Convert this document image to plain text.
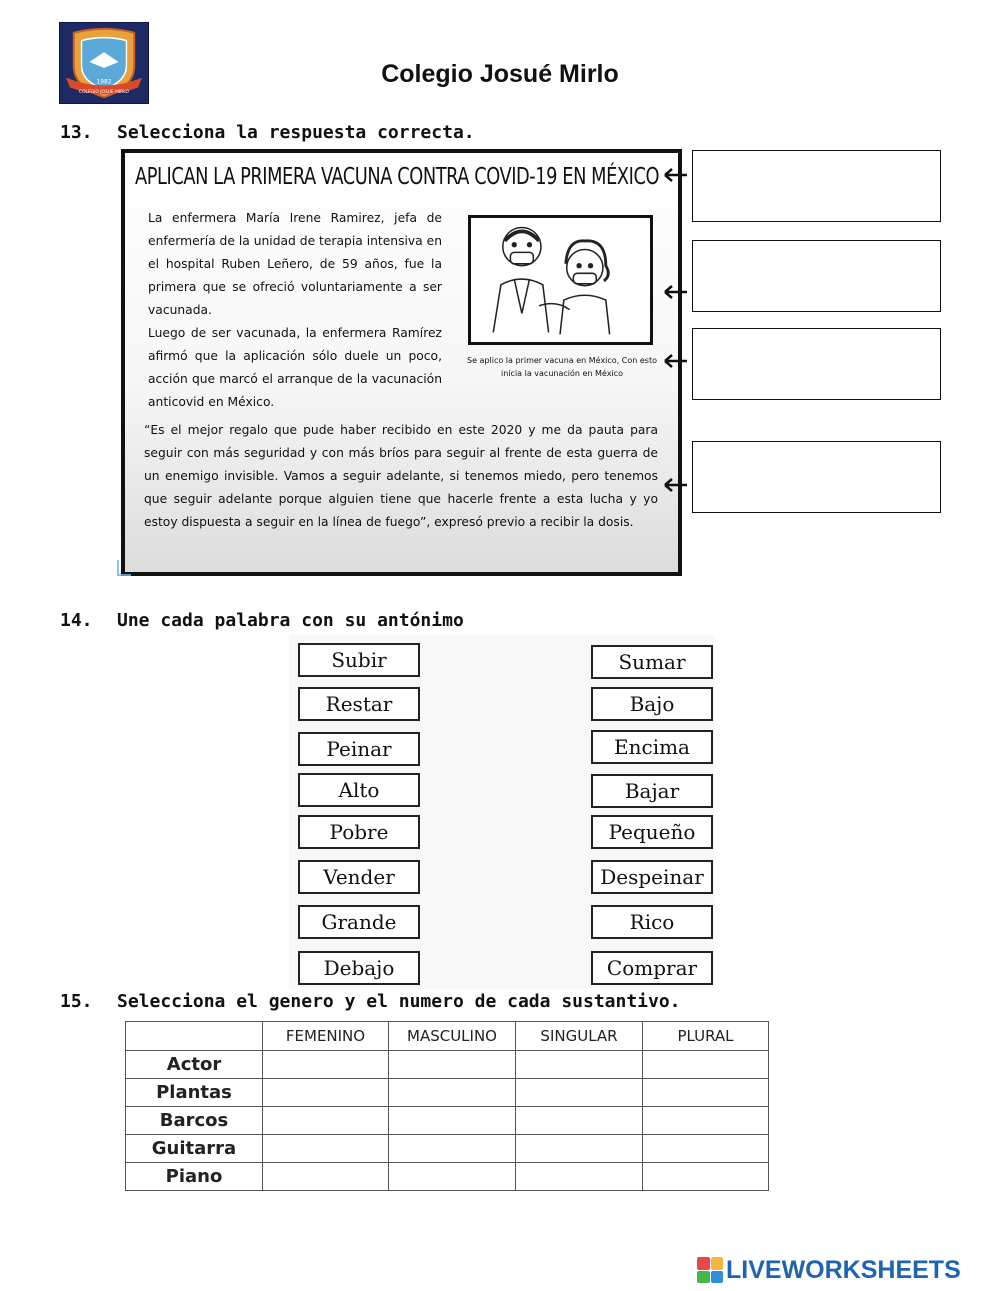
1982
COLEGIO JOSUE MIRLO
Colegio Josué Mirlo
13. Selecciona la respuesta correcta.
APLICAN LA PRIMERA VACUNA CONTRA COVID-19 EN MÉXICO
La enfermera María Irene Ramirez, jefa de enfermería de la unidad de terapia intensiva en el hospital Ruben Leñero, de 59 años, fue la primera que se ofreció voluntariamente a ser vacunada.
Luego de ser vacunada, la enfermera Ramírez afirmó que la aplicación sólo duele un poco, acción que marcó el arranque de la vacunación anticovid en México.
Se aplico la primer vacuna en México, Con esto
inicia la vacunación en México
“Es el mejor regalo que pude haber recibido en este 2020 y me da pauta para seguir con más seguridad y con más bríos para seguir al frente de esta guerra de un enemigo invisible. Vamos a seguir adelante, si tenemos miedo, pero tenemos que seguir adelante porque alguien tiene que hacerle frente a esta lucha y yo estoy dispuesta a seguir en la línea de fuego”, expresó previo a recibir la dosis.
14. Une cada palabra con su antónimo
Subir
Restar
Peinar
Alto
Pobre
Vender
Grande
Debajo
Sumar
Bajo
Encima
Bajar
Pequeño
Despeinar
Rico
Comprar
15. Selecciona el genero y el numero de cada sustantivo.
	FEMENINO	MASCULINO	SINGULAR	PLURAL
Actor				
Plantas				
Barcos				
Guitarra				
Piano				
LIVEWORKSHEETS
